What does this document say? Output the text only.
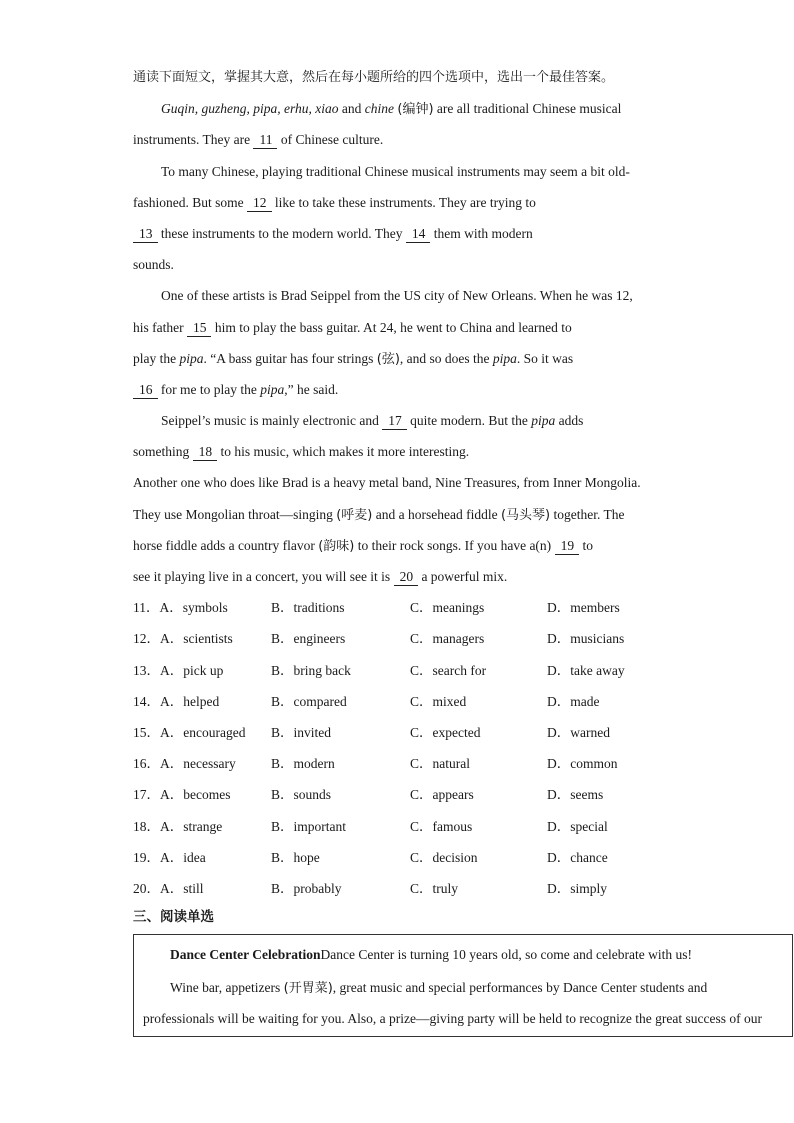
通读下面短文，掌握其大意，然后在每小题所给的四个选项中，选出一个最佳答案。
Guqin, guzheng, pipa, erhu, xiao and chine (编钟) are all traditional Chinese musical
instruments. They are 11 of Chinese culture.
To many Chinese, playing traditional Chinese musical instruments may seem a bit old-
fashioned. But some 12 like to take these instruments. They are trying to
13 these instruments to the modern world. They 14 them with modern
sounds.
One of these artists is Brad Seippel from the US city of New Orleans. When he was 12,
his father 15 him to play the bass guitar. At 24, he went to China and learned to
play the pipa. “A bass guitar has four strings (弦), and so does the pipa. So it was
16 for me to play the pipa,” he said.
Seippel’s music is mainly electronic and 17 quite modern. But the pipa adds
something 18 to his music, which makes it more interesting.
Another one who does like Brad is a heavy metal band, Nine Treasures, from Inner Mongolia.
They use Mongolian throat—singing (呼麦) and a horsehead fiddle (马头琴) together. The
horse fiddle adds a country flavor (韵味) to their rock songs. If you have a(n) 19 to
see it playing live in a concert, you will see it is 20 a powerful mix.
11．A．symbols	B．traditions	C．meanings	D．members
12．A．scientists	B．engineers	C．managers	D．musicians
13．A．pick up	B．bring back	C．search for	D．take away
14．A．helped	B．compared	C．mixed	D．made
15．A．encouraged B．invited	C．expected	D．warned
16．A．necessary	B．modern	C．natural	D．common
17．A．becomes	B．sounds	C．appears	D．seems
18．A．strange	B．important	C．famous	D．special
19．A．idea	B．hope	C．decision	D．chance
20．A．still	B．probably	C．truly	D．simply
三、阅读单选
Dance Center CelebrationDance Center is turning 10 years old, so come and celebrate with us!
Wine bar, appetizers (开胃菜), great music and special performances by Dance Center students and
professionals will be waiting for you. Also, a prize—giving party will be held to recognize the great success of our
